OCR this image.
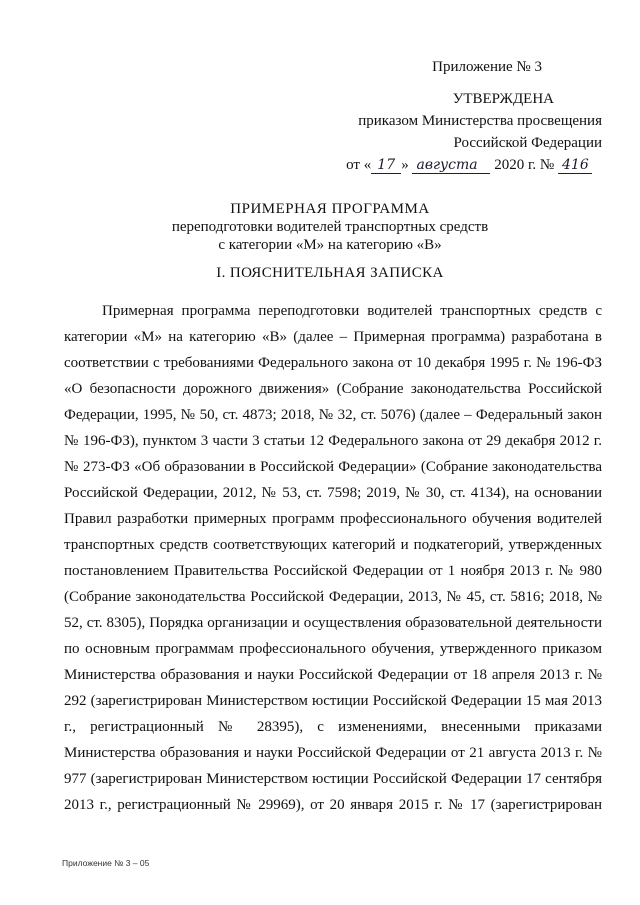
Приложение № 3
УТВЕРЖДЕНА
приказом Министерства просвещения
Российской Федерации
от « 17 » августа 2020 г. № 416
ПРИМЕРНАЯ ПРОГРАММА
переподготовки водителей транспортных средств
с категории «М» на категорию «В»
I. ПОЯСНИТЕЛЬНАЯ ЗАПИСКА

Примерная программа переподготовки водителей транспортных средств с категории «М» на категорию «В» (далее – Примерная программа) разработана в соответствии с требованиями Федерального закона от 10 декабря 1995 г. № 196-ФЗ «О безопасности дорожного движения» (Собрание законодательства Российской Федерации, 1995, № 50, ст. 4873; 2018, № 32, ст. 5076) (далее – Федеральный закон № 196-ФЗ), пунктом 3 части 3 статьи 12 Федерального закона от 29 декабря 2012 г. № 273-ФЗ «Об образовании в Российской Федерации» (Собрание законодательства Российской Федерации, 2012, № 53, ст. 7598; 2019, № 30, ст. 4134), на основании Правил разработки примерных программ профессионального обучения водителей транспортных средств соответствующих категорий и подкатегорий, утвержденных постановлением Правительства Российской Федерации от 1 ноября 2013 г. № 980 (Собрание законодательства Российской Федерации, 2013, № 45, ст. 5816; 2018, № 52, ст. 8305), Порядка организации и осуществления образовательной деятельности по основным программам профессионального обучения, утвержденного приказом Министерства образования и науки Российской Федерации от 18 апреля 2013 г. № 292 (зарегистрирован Министерством юстиции Российской Федерации 15 мая 2013 г., регистрационный № 28395), с изменениями, внесенными приказами Министерства образования и науки Российской Федерации от 21 августа 2013 г. № 977 (зарегистрирован Министерством юстиции Российской Федерации 17 сентября 2013 г., регистрационный № 29969), от 20 января 2015 г. № 17 (зарегистрирован

Приложение № 3 – 05
